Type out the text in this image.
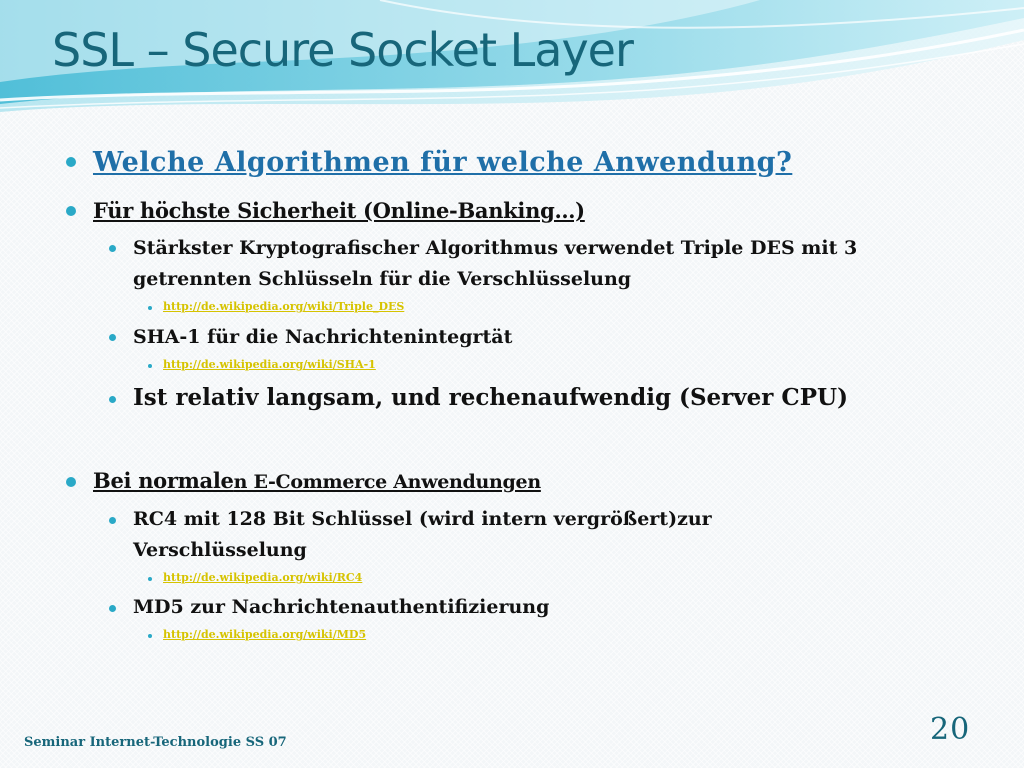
SSL – Secure Socket Layer

Welche Algorithmen für welche Anwendung?

Für höchste Sicherheit (Online-Banking…)

Stärkster Kryptografischer Algorithmus verwendet Triple DES mit 3

getrennten Schlüsseln für die Verschlüsselung

http://de.wikipedia.org/wiki/Triple_DES

SHA-1 für die Nachrichtenintegrtät

http://de.wikipedia.org/wiki/SHA-1

Ist relativ langsam, und rechenaufwendig (Server CPU)

Bei normalen E-Commerce Anwendungen

RC4 mit 128 Bit Schlüssel (wird intern vergrößert)zur

Verschlüsselung

http://de.wikipedia.org/wiki/RC4

MD5 zur Nachrichtenauthentifizierung

http://de.wikipedia.org/wiki/MD5

Seminar Internet-Technologie SS 07	20
